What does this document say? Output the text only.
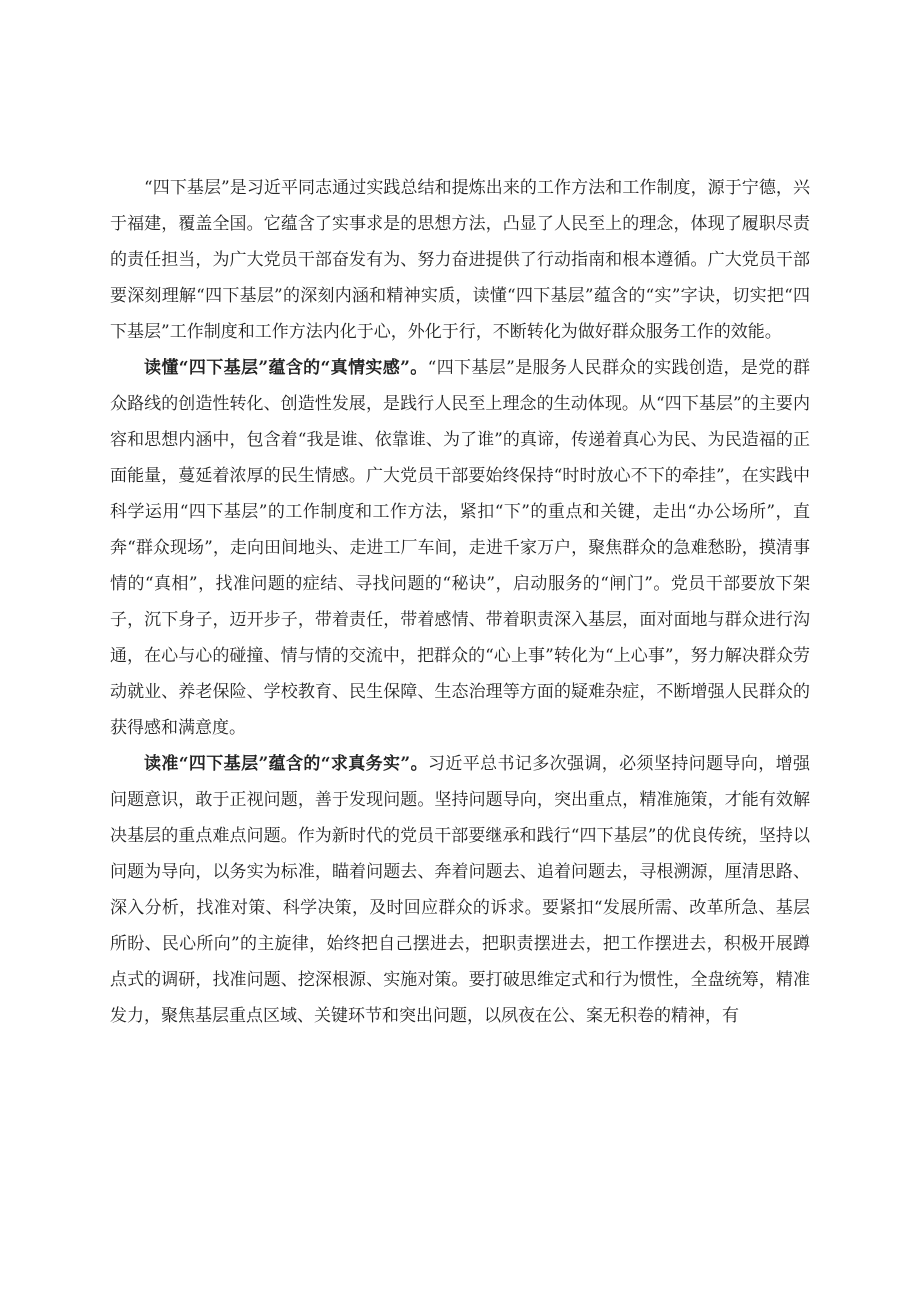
“四下基层”是习近平同志通过实践总结和提炼出来的工作方法和工作制度，源于宁德，兴于福建，覆盖全国。它蕴含了实事求是的思想方法，凸显了人民至上的理念，体现了履职尽责的责任担当，为广大党员干部奋发有为、努力奋进提供了行动指南和根本遵循。广大党员干部要深刻理解“四下基层”的深刻内涵和精神实质，读懂“四下基层”蕴含的“实”字诀，切实把“四下基层”工作制度和工作方法内化于心，外化于行，不断转化为做好群众服务工作的效能。

读懂“四下基层”蕴含的“真情实感”。“四下基层”是服务人民群众的实践创造，是党的群众路线的创造性转化、创造性发展，是践行人民至上理念的生动体现。从“四下基层”的主要内容和思想内涵中，包含着“我是谁、依靠谁、为了谁”的真谛，传递着真心为民、为民造福的正面能量，蔓延着浓厚的民生情感。广大党员干部要始终保持“时时放心不下的牵挂”，在实践中科学运用“四下基层”的工作制度和工作方法，紧扣“下”的重点和关键，走出“办公场所”，直奔“群众现场”，走向田间地头、走进工厂车间，走进千家万户，聚焦群众的急难愁盼，摸清事情的“真相”，找准问题的症结、寻找问题的“秘诀”，启动服务的“闸门”。党员干部要放下架子，沉下身子，迈开步子，带着责任，带着感情、带着职责深入基层，面对面地与群众进行沟通，在心与心的碰撞、情与情的交流中，把群众的“心上事”转化为“上心事”，努力解决群众劳动就业、养老保险、学校教育、民生保障、生态治理等方面的疑难杂症，不断增强人民群众的获得感和满意度。

读准“四下基层”蕴含的“求真务实”。习近平总书记多次强调，必须坚持问题导向，增强问题意识，敢于正视问题，善于发现问题。坚持问题导向，突出重点，精准施策，才能有效解决基层的重点难点问题。作为新时代的党员干部要继承和践行“四下基层”的优良传统，坚持以问题为导向，以务实为标准，瞄着问题去、奔着问题去、追着问题去，寻根溯源，厘清思路、深入分析，找准对策、科学决策，及时回应群众的诉求。要紧扣“发展所需、改革所急、基层所盼、民心所向”的主旋律，始终把自己摆进去，把职责摆进去，把工作摆进去，积极开展蹲点式的调研，找准问题、挖深根源、实施对策。要打破思维定式和行为惯性，全盘统筹，精准发力，聚焦基层重点区域、关键环节和突出问题，以夙夜在公、案无积卷的精神，有
